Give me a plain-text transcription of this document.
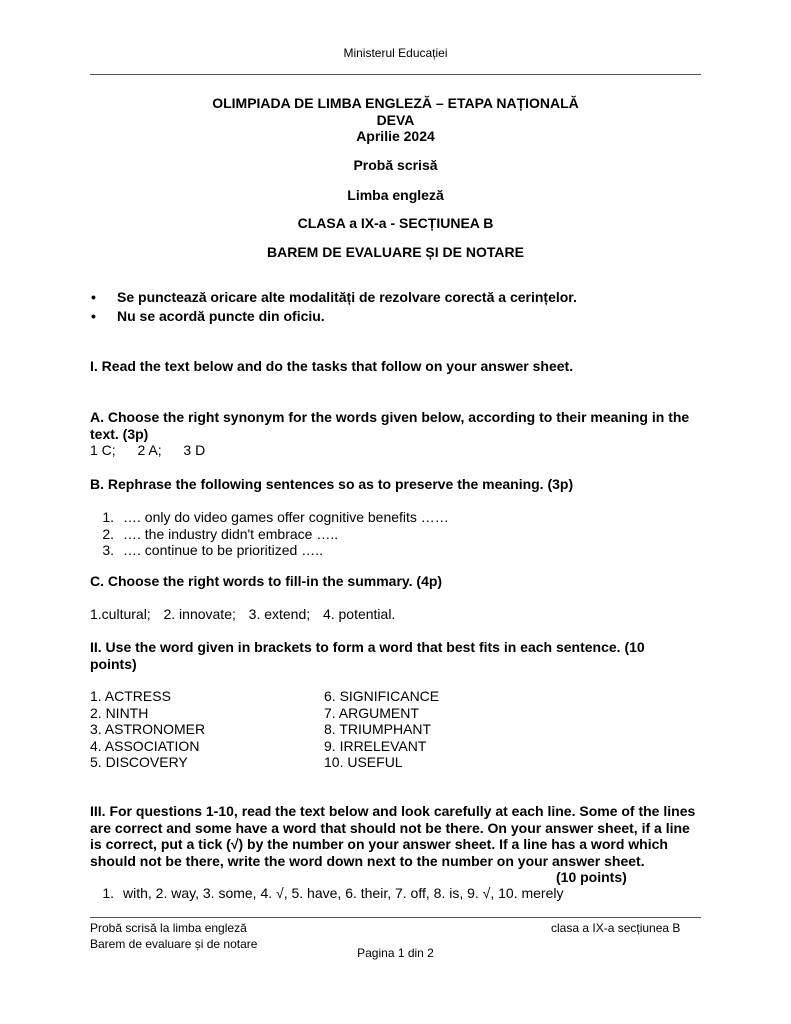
Ministerul Educației
OLIMPIADA DE LIMBA ENGLEZĂ – ETAPA NAȚIONALĂ
DEVA
Aprilie 2024
Probă scrisă
Limba engleză
CLASA a IX-a - SECȚIUNEA B
BAREM DE EVALUARE ȘI DE NOTARE
• Se punctează oricare alte modalități de rezolvare corectă a cerințelor.
• Nu se acordă puncte din oficiu.
I. Read the text below and do the tasks that follow on your answer sheet.
A. Choose the right synonym for the words given below, according to their meaning in the text. (3p)
1 C; 2 A; 3 D
B. Rephrase the following sentences so as to preserve the meaning. (3p)
1. …. only do video games offer cognitive benefits ……
2. …. the industry didn't embrace …..
3. …. continue to be prioritized …..
C. Choose the right words to fill-in the summary. (4p)
1.cultural; 2. innovate; 3. extend; 4. potential.
II. Use the word given in brackets to form a word that best fits in each sentence. (10 points)
1. ACTRESS
2. NINTH
3. ASTRONOMER
4. ASSOCIATION
5. DISCOVERY
6. SIGNIFICANCE
7. ARGUMENT
8. TRIUMPHANT
9. IRRELEVANT
10. USEFUL
III. For questions 1-10, read the text below and look carefully at each line. Some of the lines are correct and some have a word that should not be there. On your answer sheet, if a line is correct, put a tick (√) by the number on your answer sheet. If a line has a word which should not be there, write the word down next to the number on your answer sheet.
(10 points)
1. with, 2. way, 3. some, 4. √, 5. have, 6. their, 7. off, 8. is, 9. √, 10. merely
Probă scrisă la limba engleză
Barem de evaluare și de notare
clasa a IX-a secțiunea B
Pagina 1 din 2
